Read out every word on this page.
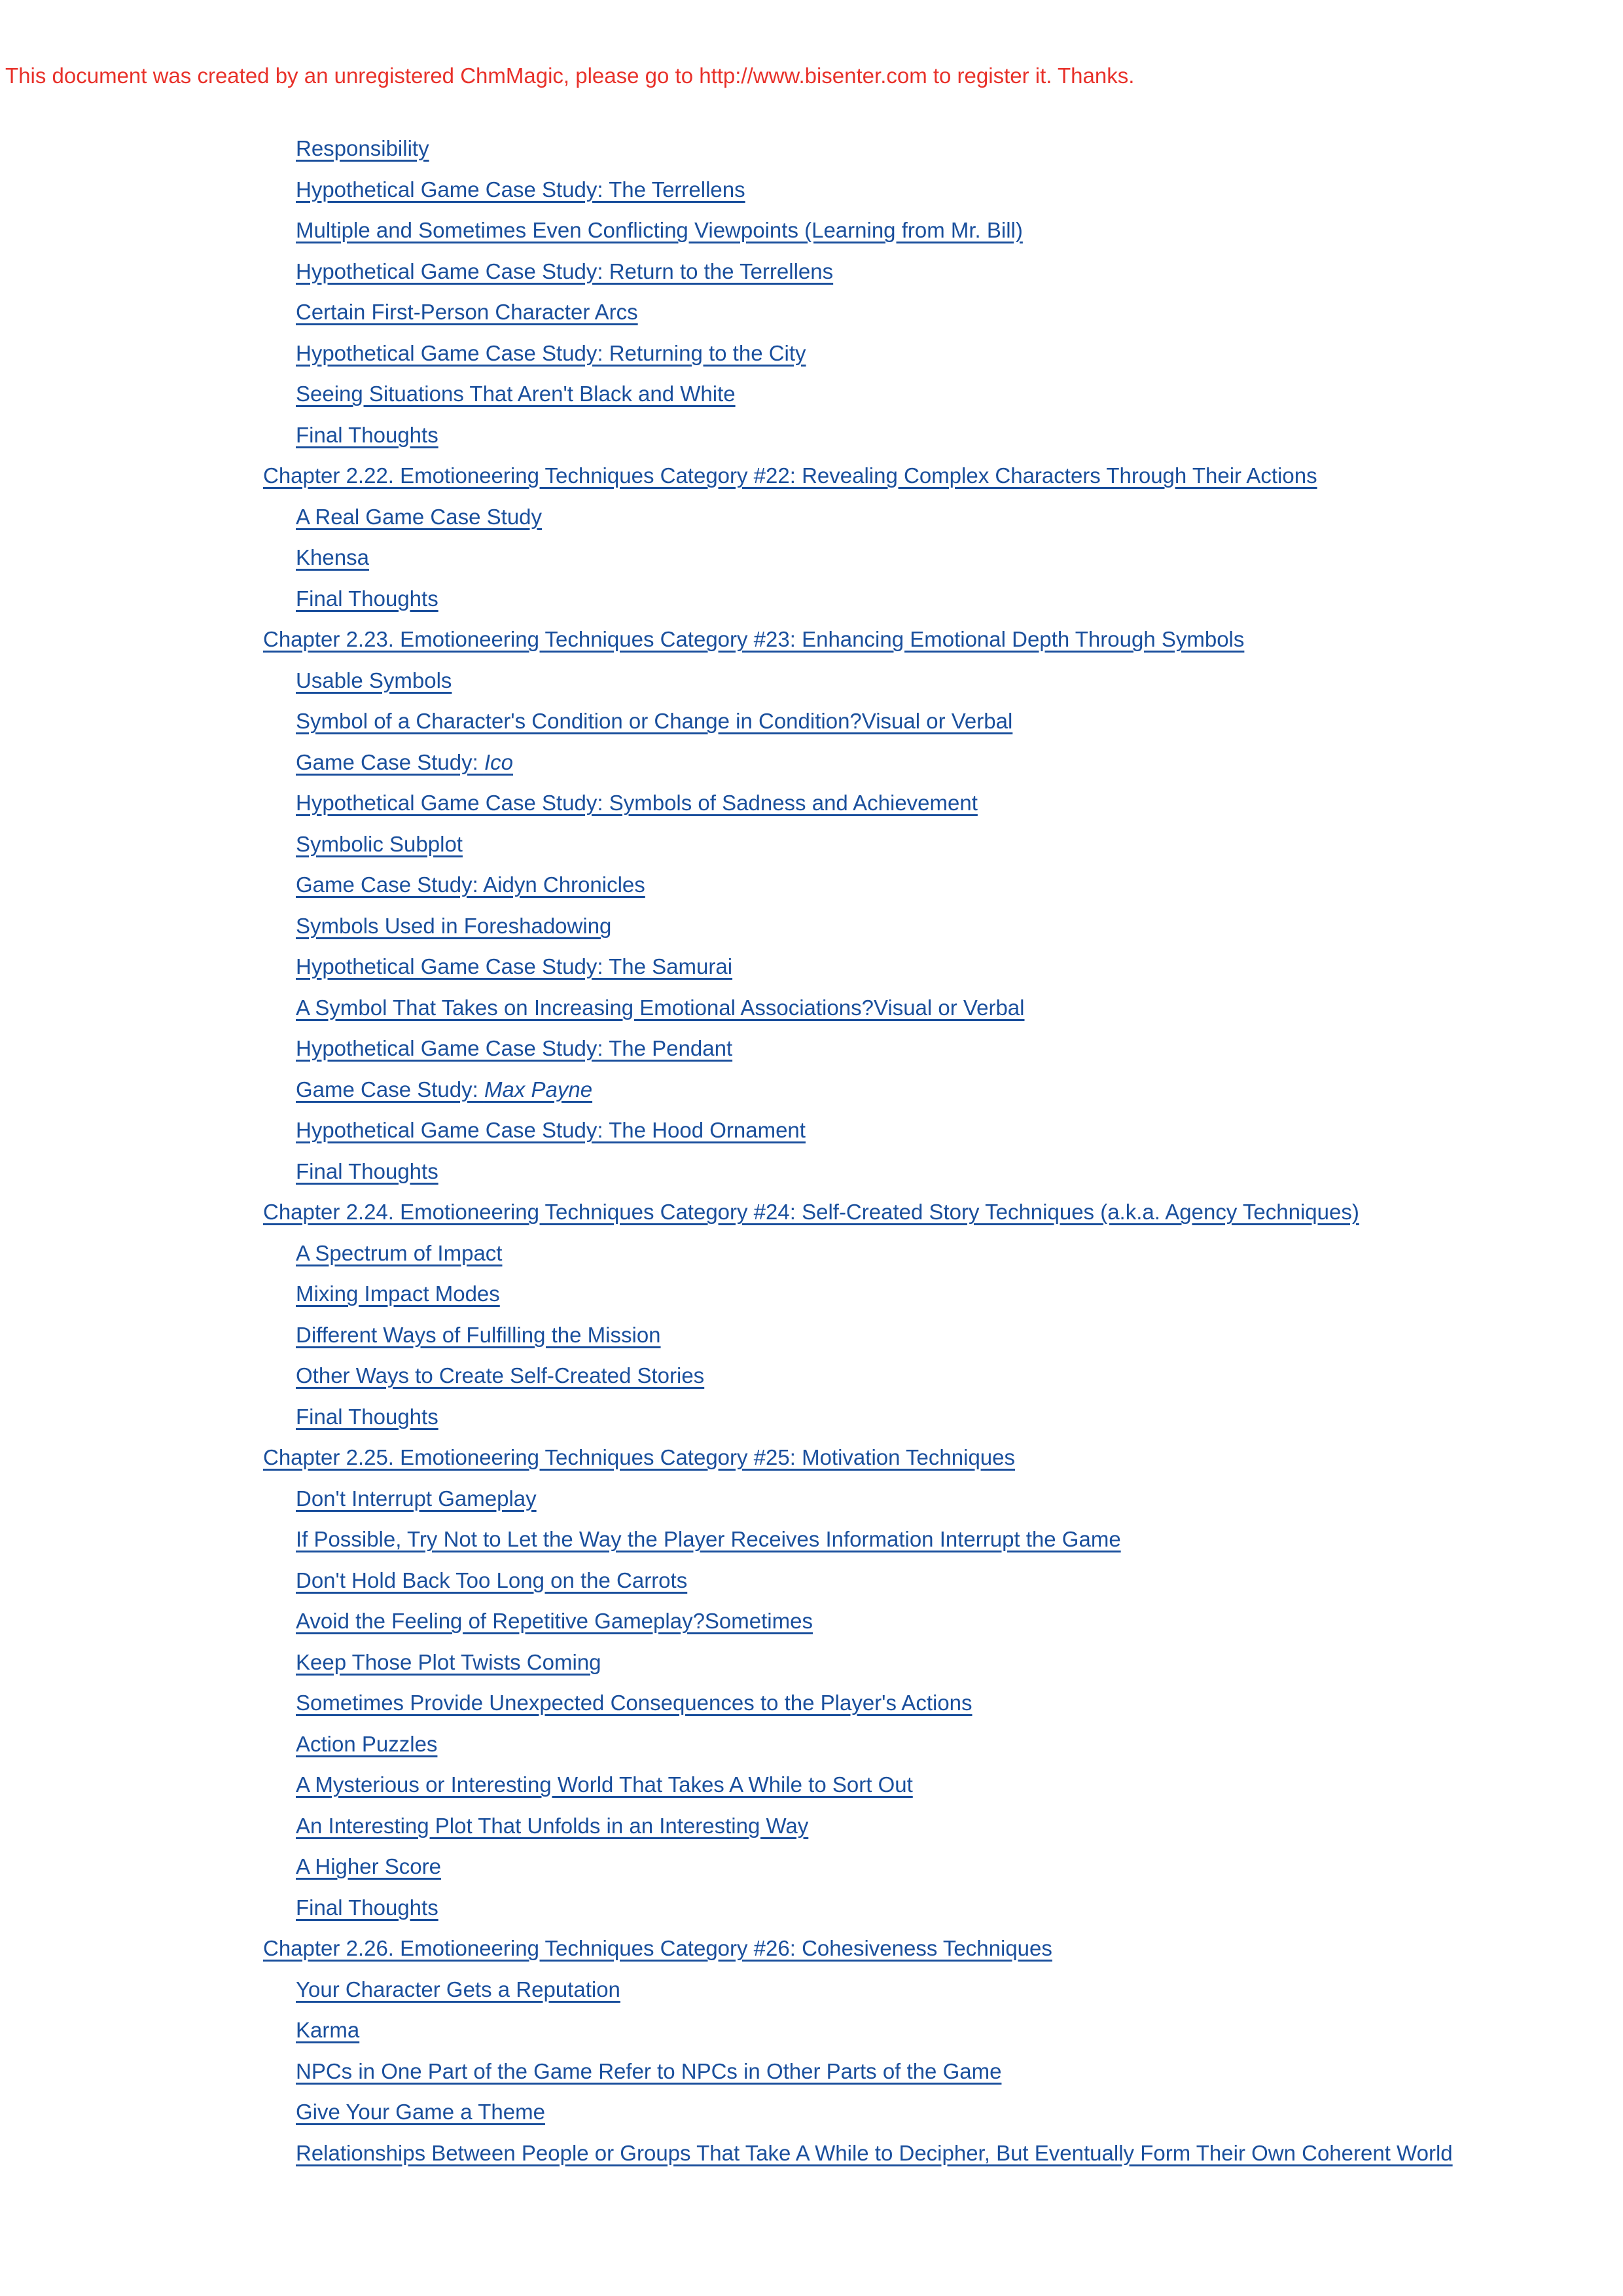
This document was created by an unregistered ChmMagic, please go to http://www.bisenter.com to register it. Thanks.
Responsibility
Hypothetical Game Case Study: The Terrellens
Multiple and Sometimes Even Conflicting Viewpoints (Learning from Mr. Bill)
Hypothetical Game Case Study: Return to the Terrellens
Certain First-Person Character Arcs
Hypothetical Game Case Study: Returning to the City
Seeing Situations That Aren't Black and White
Final Thoughts
Chapter 2.22. Emotioneering Techniques Category #22: Revealing Complex Characters Through Their Actions
A Real Game Case Study
Khensa
Final Thoughts
Chapter 2.23. Emotioneering Techniques Category #23: Enhancing Emotional Depth Through Symbols
Usable Symbols
Symbol of a Character's Condition or Change in Condition?Visual or Verbal
Game Case Study: Ico
Hypothetical Game Case Study: Symbols of Sadness and Achievement
Symbolic Subplot
Game Case Study: Aidyn Chronicles
Symbols Used in Foreshadowing
Hypothetical Game Case Study: The Samurai
A Symbol That Takes on Increasing Emotional Associations?Visual or Verbal
Hypothetical Game Case Study: The Pendant
Game Case Study: Max Payne
Hypothetical Game Case Study: The Hood Ornament
Final Thoughts
Chapter 2.24. Emotioneering Techniques Category #24: Self-Created Story Techniques (a.k.a. Agency Techniques)
A Spectrum of Impact
Mixing Impact Modes
Different Ways of Fulfilling the Mission
Other Ways to Create Self-Created Stories
Final Thoughts
Chapter 2.25. Emotioneering Techniques Category #25: Motivation Techniques
Don't Interrupt Gameplay
If Possible, Try Not to Let the Way the Player Receives Information Interrupt the Game
Don't Hold Back Too Long on the Carrots
Avoid the Feeling of Repetitive Gameplay?Sometimes
Keep Those Plot Twists Coming
Sometimes Provide Unexpected Consequences to the Player's Actions
Action Puzzles
A Mysterious or Interesting World That Takes A While to Sort Out
An Interesting Plot That Unfolds in an Interesting Way
A Higher Score
Final Thoughts
Chapter 2.26. Emotioneering Techniques Category #26: Cohesiveness Techniques
Your Character Gets a Reputation
Karma
NPCs in One Part of the Game Refer to NPCs in Other Parts of the Game
Give Your Game a Theme
Relationships Between People or Groups That Take A While to Decipher, But Eventually Form Their Own Coherent World
